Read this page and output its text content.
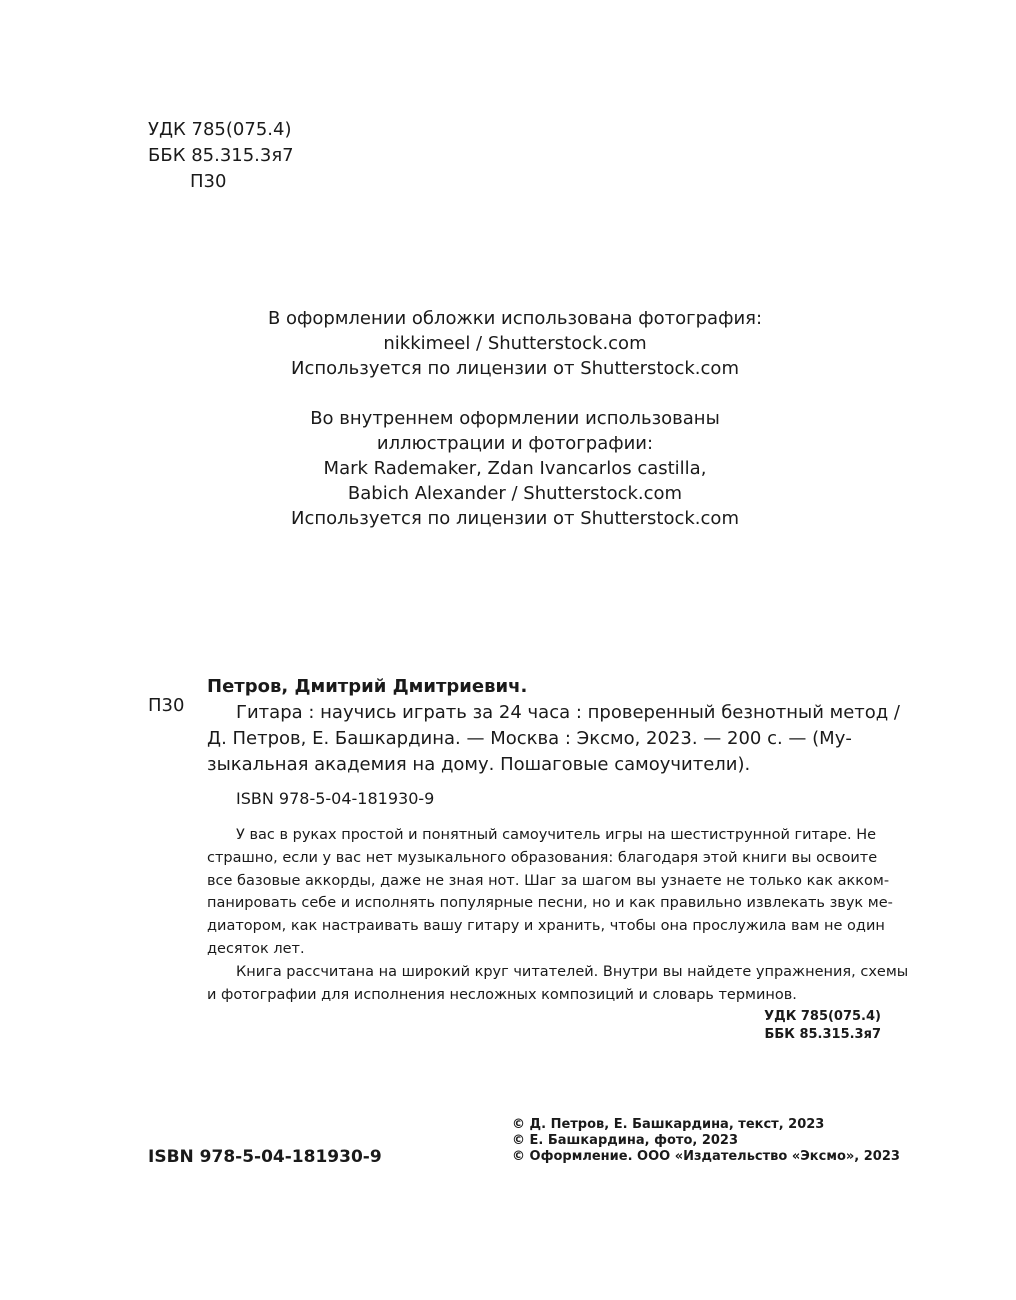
УДК 785(075.4)
ББК 85.315.3я7
П30
В оформлении обложки использована фотография:
nikkimeel / Shutterstock.com
Используется по лицензии от Shutterstock.com
Во внутреннем оформлении использованы
иллюстрации и фотографии:
Mark Rademaker, Zdan Ivancarlos castilla,
Babich Alexander / Shutterstock.com
Используется по лицензии от Shutterstock.com
Петров, Дмитрий Дмитриевич.
П30	Гитара : научись играть за 24 часа : проверенный безнотный метод /
Д. Петров, Е. Башкардина. — Москва : Эксмо, 2023. — 200 с. — (Му-
зыкальная академия на дому. Пошаговые самоучители).
ISBN 978-5-04-181930-9
У вас в руках простой и понятный самоучитель игры на шестиструнной гитаре. Не
страшно, если у вас нет музыкального образования: благодаря этой книги вы освоите
все базовые аккорды, даже не зная нот. Шаг за шагом вы узнаете не только как акком-
панировать себе и исполнять популярные песни, но и как правильно извлекать звук ме-
диатором, как настраивать вашу гитару и хранить, чтобы она прослужила вам не один
десяток лет.
Книга рассчитана на широкий круг читателей. Внутри вы найдете упражнения, схемы
и фотографии для исполнения несложных композиций и словарь терминов.
УДК 785(075.4)
ББК 85.315.3я7
© Д. Петров, Е. Башкардина, текст, 2023
© Е. Башкардина, фото, 2023
© Оформление. ООО «Издательство «Эксмо», 2023
ISBN 978-5-04-181930-9
